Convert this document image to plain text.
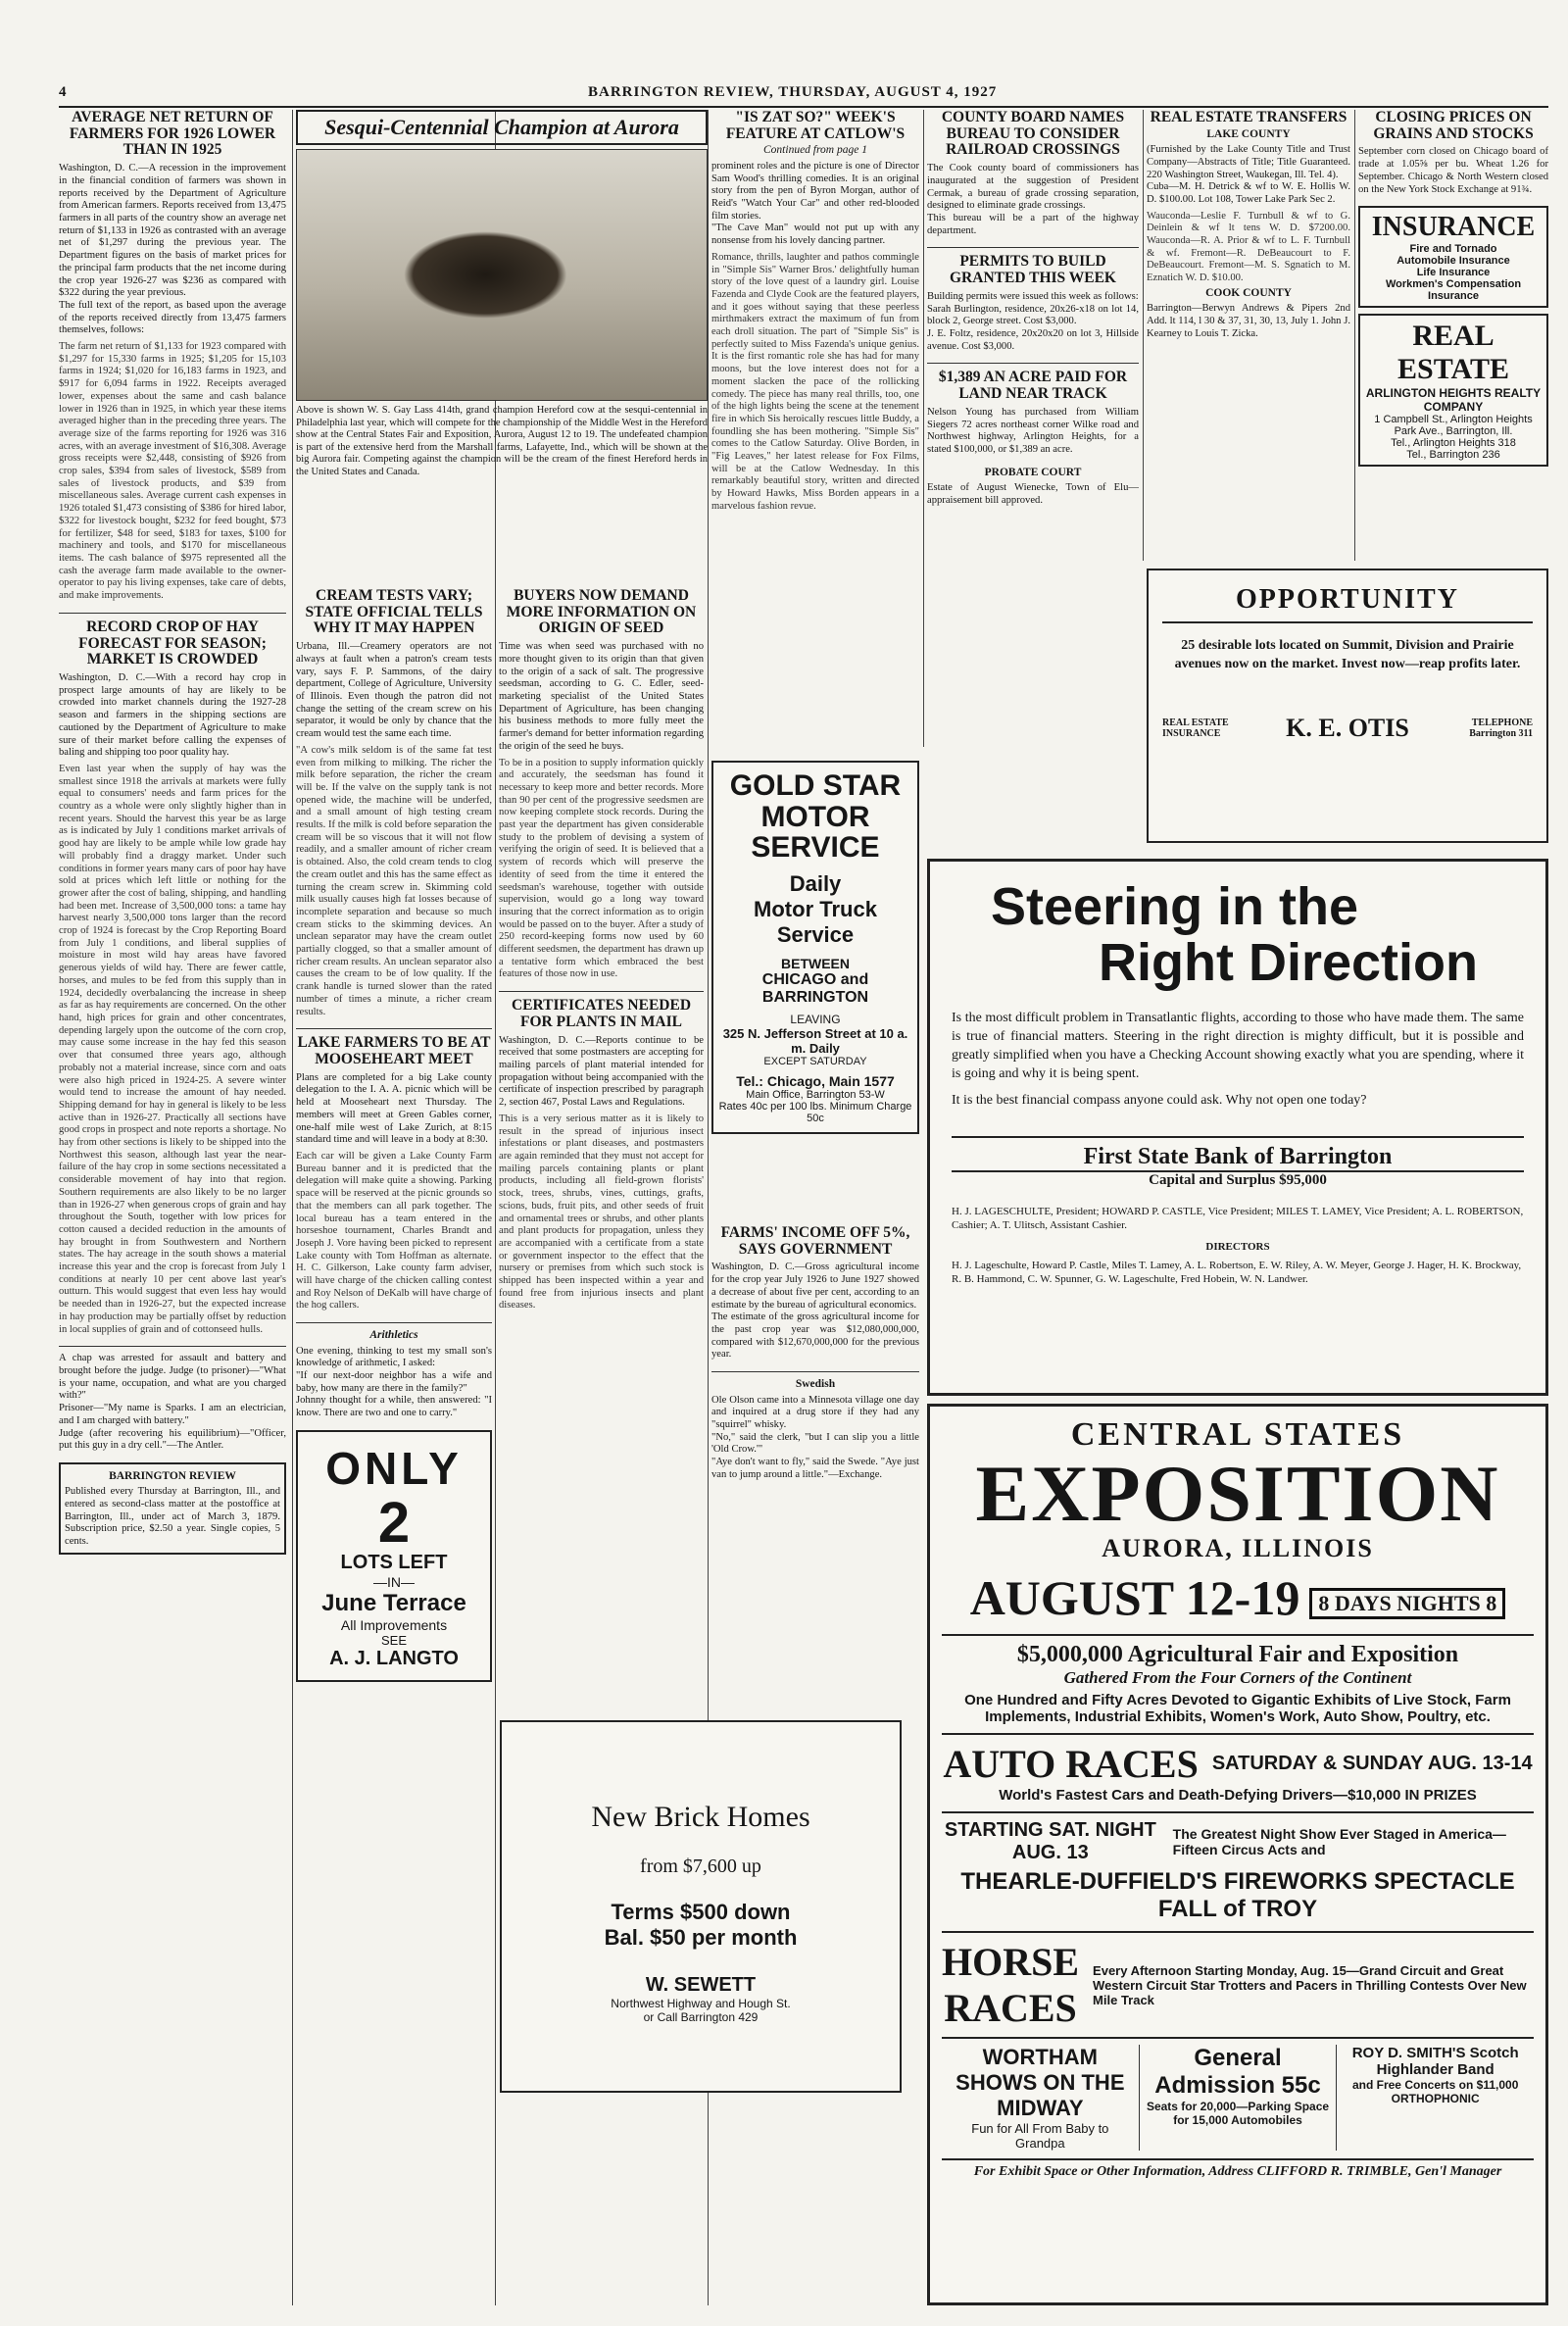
4	BARRINGTON REVIEW, THURSDAY, AUGUST 4, 1927
AVERAGE NET RETURN OF FARMERS FOR 1926 LOWER THAN IN 1925

Washington, D. C.—A recession in the improvement in the financial condition of farmers was shown in reports received by the Department of Agriculture from American farmers. Reports received from 13,475 farmers in all parts of the country show an average net return of $1,133 in 1926 as contrasted with an average net of $1,297 during the previous year. The Department figures on the basis of market prices for the principal farm products that the net income during the crop year 1926-27 was $236 as compared with $322 during the year previous.
The full text of the report, as based upon the average of the reports received directly from 13,475 farmers themselves, follows:

The farm net return of $1,133 for 1923 compared with $1,297 for 15,330 farms in 1925; $1,205 for 15,103 farms in 1924; $1,020 for 16,183 farms in 1923, and $917 for 6,094 farms in 1922. Receipts averaged lower, expenses about the same and cash balance lower in 1926 than in 1925, in which year these items averaged higher than in the preceding three years. The average size of the farms reporting for 1926 was 316 acres, with an average investment of $16,308. Average gross receipts were $2,448, consisting of $926 from crop sales, $394 from sales of livestock, $589 from sales of livestock products, and $39 from miscellaneous sales. Average current cash expenses in 1926 totaled $1,473 consisting of $386 for hired labor, $322 for livestock bought, $232 for feed bought, $73 for fertilizer, $48 for seed, $183 for taxes, $100 for machinery and tools, and $170 for miscellaneous items. The cash balance of $975 represented all the cash the average farm made available to the owner-operator to pay his living expenses, take care of debts, and make improvements.

RECORD CROP OF HAY FORECAST FOR SEASON; MARKET IS CROWDED

Washington, D. C.—With a record hay crop in prospect large amounts of hay are likely to be crowded into market channels during the 1927-28 season and farmers in the shipping sections are cautioned by the Department of Agriculture to make sure of their market before calling the expenses of baling and shipping too poor quality hay.

Even last year when the supply of hay was the smallest since 1918 the arrivals at markets were fully equal to consumers' needs and farm prices for the country as a whole were only slightly higher than in recent years. Should the harvest this year be as large as is indicated by July 1 conditions market arrivals of good hay are likely to be ample while low grade hay will probably find a draggy market. Under such conditions in former years many cars of poor hay have sold at prices which left little or nothing for the grower after the cost of baling, shipping, and handling had been met. Increase of 3,500,000 tons: a tame hay harvest nearly 3,500,000 tons larger than the record crop of 1924 is forecast by the Crop Reporting Board from July 1 conditions, and liberal supplies of moisture in most wild hay areas have favored generous yields of wild hay. There are fewer cattle, horses, and mules to be fed from this supply than in 1924, decidedly overbalancing the increase in sheep as far as hay requirements are concerned. On the other hand, high prices for grain and other concentrates, depending largely upon the outcome of the corn crop, may cause some increase in the hay fed this season over that consumed three years ago, although probably not a material increase, since corn and oats were also high priced in 1924-25. A severe winter would tend to increase the amount of hay needed. Shipping demand for hay in general is likely to be less active than in 1926-27. Practically all sections have good crops in prospect and note reports a shortage. No hay from other sections is likely to be shipped into the Northwest this season, although last year the near-failure of the hay crop in some sections necessitated a considerable movement of hay into that region. Southern requirements are also likely to be no larger than in 1926-27 when generous crops of grain and hay throughout the South, together with low prices for cotton caused a decided reduction in the amounts of hay brought in from Southwestern and Northern states. The hay acreage in the south shows a material increase this year and the crop is forecast from July 1 conditions at nearly 10 per cent above last year's outturn. This would suggest that even less hay would be needed than in 1926-27, but the expected increase in hay production may be partially offset by reduction in local supplies of grain and of cottonseed hulls.

A chap was arrested for assault and battery and brought before the judge. Judge (to prisoner)—"What is your name, occupation, and what are you charged with?"
Prisoner—"My name is Sparks. I am an electrician, and I am charged with battery."
Judge (after recovering his equilibrium)—"Officer, put this guy in a dry cell."—The Antler.

BARRINGTON REVIEW

Published every Thursday at Barrington, Ill., and entered as second-class matter at the postoffice at Barrington, Ill., under act of March 3, 1879. Subscription price, $2.50 a year. Single copies, 5 cents.

Sesqui-Centennial Champion at Aurora

Above is shown W. S. Gay Lass 414th, grand champion Hereford cow at the sesqui-centennial in Philadelphia last year, which will compete for the championship of the Middle West in the Hereford show at the Central States Fair and Exposition, Aurora, August 12 to 19. The undefeated champion is part of the extensive herd from the Marshall farms, Lafayette, Ind., which will be shown at the big Aurora fair. Competing against the champion will be the cream of the finest Hereford herds in the United States and Canada.

CREAM TESTS VARY; STATE OFFICIAL TELLS WHY IT MAY HAPPEN

Urbana, Ill.—Creamery operators are not always at fault when a patron's cream tests vary, says F. P. Sammons, of the dairy department, College of Agriculture, University of Illinois. Even though the patron did not change the setting of the cream screw on his separator, it would be only by chance that the cream would test the same each time.

"A cow's milk seldom is of the same fat test even from milking to milking. The richer the milk before separation, the richer the cream will be. If the valve on the supply tank is not opened wide, the machine will be underfed, and a small amount of high testing cream results. If the milk is cold before separation the cream will be so viscous that it will not flow readily, and a smaller amount of richer cream is obtained. Also, the cold cream tends to clog the cream outlet and this has the same effect as turning the cream screw in. Skimming cold milk usually causes high fat losses because of incomplete separation and because so much cream sticks to the skimming devices. An unclean separator may have the cream outlet partially clogged, so that a smaller amount of richer cream results. An unclean separator also causes the cream to be of low quality. If the crank handle is turned slower than the rated number of times a minute, a richer cream results.

LAKE FARMERS TO BE AT MOOSEHEART MEET

Plans are completed for a big Lake county delegation to the I. A. A. picnic which will be held at Mooseheart next Thursday. The members will meet at Green Gables corner, one-half mile west of Lake Zurich, at 8:15 standard time and will leave in a body at 8:30.

Each car will be given a Lake County Farm Bureau banner and it is predicted that the delegation will make quite a showing. Parking space will be reserved at the picnic grounds so that the members can all park together. The local bureau has a team entered in the horseshoe tournament, Charles Brandt and Joseph J. Vore having been picked to represent Lake county with Tom Hoffman as alternate. H. C. Gilkerson, Lake county farm adviser, will have charge of the chicken calling contest and Roy Nelson of DeKalb will have charge of the hog callers.

Arithletics

One evening, thinking to test my small son's knowledge of arithmetic, I asked:
"If our next-door neighbor has a wife and baby, how many are there in the family?"
Johnny thought for a while, then answered: "I know. There are two and one to carry."

ONLY
2
LOTS LEFT
—IN—
June Terrace
All Improvements
SEE
A. J. LANGTO
BUYERS NOW DEMAND MORE INFORMATION ON ORIGIN OF SEED

Time was when seed was purchased with no more thought given to its origin than that given to the origin of a sack of salt. The progressive seedsman, according to G. C. Edler, seed-marketing specialist of the United States Department of Agriculture, has been changing his business methods to more fully meet the farmer's demand for better information regarding the origin of the seed he buys.

To be in a position to supply information quickly and accurately, the seedsman has found it necessary to keep more and better records. More than 90 per cent of the progressive seedsmen are now keeping complete stock records. During the past year the department has given considerable study to the problem of devising a system of verifying the origin of seed. It is believed that a system of records which will preserve the identity of seed from the time it entered the seedsman's warehouse, together with outside supervision, would go a long way toward insuring that the correct information as to origin would be passed on to the buyer. After a study of 250 record-keeping forms now used by 60 different seedsmen, the department has drawn up a tentative form which embraced the best features of those now in use.

CERTIFICATES NEEDED FOR PLANTS IN MAIL

Washington, D. C.—Reports continue to be received that some postmasters are accepting for mailing parcels of plant material intended for propagation without being accompanied with the certificate of inspection prescribed by paragraph 2, section 467, Postal Laws and Regulations.

This is a very serious matter as it is likely to result in the spread of injurious insect infestations or plant diseases, and postmasters are again reminded that they must not accept for mailing parcels containing plants or plant products, including all field-grown florists' stock, trees, shrubs, vines, cuttings, grafts, scions, buds, fruit pits, and other seeds of fruit and ornamental trees or shrubs, and other plants and plant products for propagation, unless they are accompanied with a certificate from a state or government inspector to the effect that the nursery or premises from which such stock is shipped has been inspected within a year and found free from injurious insects and plant diseases.

"IS ZAT SO?" WEEK'S FEATURE AT CATLOW'S
Continued from page 1

prominent roles and the picture is one of Director Sam Wood's thrilling comedies. It is an original story from the pen of Byron Morgan, author of Reid's "Watch Your Car" and other red-blooded film stories.
"The Cave Man" would not put up with any nonsense from his lovely dancing partner.

Romance, thrills, laughter and pathos commingle in "Simple Sis" Warner Bros.' delightfully human story of the love quest of a laundry girl. Louise Fazenda and Clyde Cook are the featured players, and it goes without saying that these peerless mirthmakers extract the maximum of fun from each droll situation. The part of "Simple Sis" is perfectly suited to Miss Fazenda's unique genius. It is the first romantic role she has had for many moons, but the love interest does not for a moment slacken the pace of the rollicking comedy. The piece has many real thrills, too, one of the high lights being the scene at the tenement fire in which Sis heroically rescues little Buddy, a foundling she has been mothering. "Simple Sis" comes to the Catlow Saturday. Olive Borden, in "Fig Leaves," her latest release for Fox Films, will be at the Catlow Wednesday. In this remarkably beautiful story, written and directed by Howard Hawks, Miss Borden appears in a marvelous fashion revue.

GOLD STAR
MOTOR
SERVICE
Daily
Motor Truck
Service
BETWEEN
CHICAGO and BARRINGTON
LEAVING
325 N. Jefferson Street at 10 a. m. Daily
EXCEPT SATURDAY
Tel.: Chicago, Main 1577
Main Office, Barrington 53-W
Rates 40c per 100 lbs. Minimum Charge 50c
New Brick Homes
from $7,600 up
Terms $500 down
Bal. $50 per month
W. SEWETT
Northwest Highway and Hough St.
or Call Barrington 429
COUNTY BOARD NAMES BUREAU TO CONSIDER RAILROAD CROSSINGS

The Cook county board of commissioners has inaugurated at the suggestion of President Cermak, a bureau of grade crossing separation, designed to eliminate grade crossings.
This bureau will be a part of the highway department.

PERMITS TO BUILD GRANTED THIS WEEK

Building permits were issued this week as follows:
Sarah Burlington, residence, 20x26-x18 on lot 14, block 2, George street. Cost $3,000.
J. E. Foltz, residence, 20x20x20 on lot 3, Hillside avenue. Cost $3,000.

$1,389 AN ACRE PAID FOR LAND NEAR TRACK

Nelson Young has purchased from William Siegers 72 acres northeast corner Wilke road and Northwest highway, Arlington Heights, for a stated $100,000, or $1,389 an acre.

PROBATE COURT

Estate of August Wienecke, Town of Elu—appraisement bill approved.

REAL ESTATE TRANSFERS
LAKE COUNTY

(Furnished by the Lake County Title and Trust Company—Abstracts of Title; Title Guaranteed. 220 Washington Street, Waukegan, Ill. Tel. 4).
Cuba—M. H. Detrick & wf to W. E. Hollis W. D. $100.00. Lot 108, Tower Lake Park Sec 2.

Wauconda—Leslie F. Turnbull & wf to G. Deinlein & wf lt tens W. D. $7200.00. Wauconda—R. A. Prior & wf to L. F. Turnbull & wf. Fremont—R. DeBeaucourt to F. DeBeaucourt. Fremont—M. S. Sgnatich to M. Eznatich W. D. $10.00.

COOK COUNTY

Barrington—Berwyn Andrews & Pipers 2nd Add. lt 114, l 30 & 37, 31, 30, 13, July 1. John J. Kearney to Louis T. Zicka.

CLOSING PRICES ON GRAINS AND STOCKS

September corn closed on Chicago board of trade at 1.05⅝ per bu. Wheat 1.26 for September. Chicago & North Western closed on the New York Stock Exchange at 91¾.

INSURANCE
Fire and Tornado
Automobile Insurance
Life Insurance
Workmen's Compensation Insurance
REAL ESTATE
ARLINGTON HEIGHTS REALTY COMPANY
1 Campbell St., Arlington Heights
Park Ave., Barrington, Ill.
Tel., Arlington Heights 318
Tel., Barrington 236
OPPORTUNITY
25 desirable lots located on Summit, Division and Prairie avenues now on the market. Invest now—reap profits later.
REAL ESTATE INSURANCE	K. E. OTIS	TELEPHONE Barrington 311
Steering in the
Right Direction
Is the most difficult problem in Transatlantic flights, according to those who have made them. The same is true of financial matters. Steering in the right direction is mighty difficult, but it is possible and greatly simplified when you have a Checking Account showing exactly what you are spending, where it is going and why it is being spent.
It is the best financial compass anyone could ask. Why not open one today?
First State Bank of Barrington
Capital and Surplus $95,000
H. J. LAGESCHULTE, President; HOWARD P. CASTLE, Vice President; MILES T. LAMEY, Vice President; A. L. ROBERTSON, Cashier; A. T. Ulitsch, Assistant Cashier.
DIRECTORS
H. J. Lageschulte, Howard P. Castle, Miles T. Lamey, A. L. Robertson, E. W. Riley, A. W. Meyer, George J. Hager, H. K. Brockway, R. B. Hammond, C. W. Spunner, G. W. Lageschulte, Fred Hobein, W. N. Landwer.
CENTRAL STATES
EXPOSITION
AURORA, ILLINOIS
AUGUST 12-19 8 DAYS NIGHTS 8
$5,000,000 Agricultural Fair and Exposition
Gathered From the Four Corners of the Continent
One Hundred and Fifty Acres Devoted to Gigantic Exhibits of Live Stock, Farm Implements, Industrial Exhibits, Women's Work, Auto Show, Poultry, etc.
AUTO RACES SATURDAY & SUNDAY AUG. 13-14
World's Fastest Cars and Death-Defying Drivers—$10,000 IN PRIZES
STARTING SAT. NIGHT AUG. 13
The Greatest Night Show Ever Staged in America—Fifteen Circus Acts and
THEARLE-DUFFIELD'S FIREWORKS SPECTACLE FALL of TROY
HORSE RACES
Every Afternoon Starting Monday, Aug. 15—Grand Circuit and Great Western Circuit Star Trotters and Pacers in Thrilling Contests Over New Mile Track
WORTHAM SHOWS ON THE MIDWAY
Fun for All From Baby to Grandpa
General Admission 55c
Seats for 20,000—Parking Space for 15,000 Automobiles
ROY D. SMITH'S Scotch Highlander Band
and Free Concerts on $11,000 ORTHOPHONIC
For Exhibit Space or Other Information, Address CLIFFORD R. TRIMBLE, Gen'l Manager
FARMS' INCOME OFF 5%, SAYS GOVERNMENT

Washington, D. C.—Gross agricultural income for the crop year July 1926 to June 1927 showed a decrease of about five per cent, according to an estimate by the bureau of agricultural economics.
The estimate of the gross agricultural income for the past crop year was $12,080,000,000, compared with $12,670,000,000 for the previous year.

Swedish

Ole Olson came into a Minnesota village one day and inquired at a drug store if they had any "squirrel" whisky.
"No," said the clerk, "but I can slip you a little 'Old Crow.'"
"Aye don't want to fly," said the Swede. "Aye just van to jump around a little."—Exchange.
